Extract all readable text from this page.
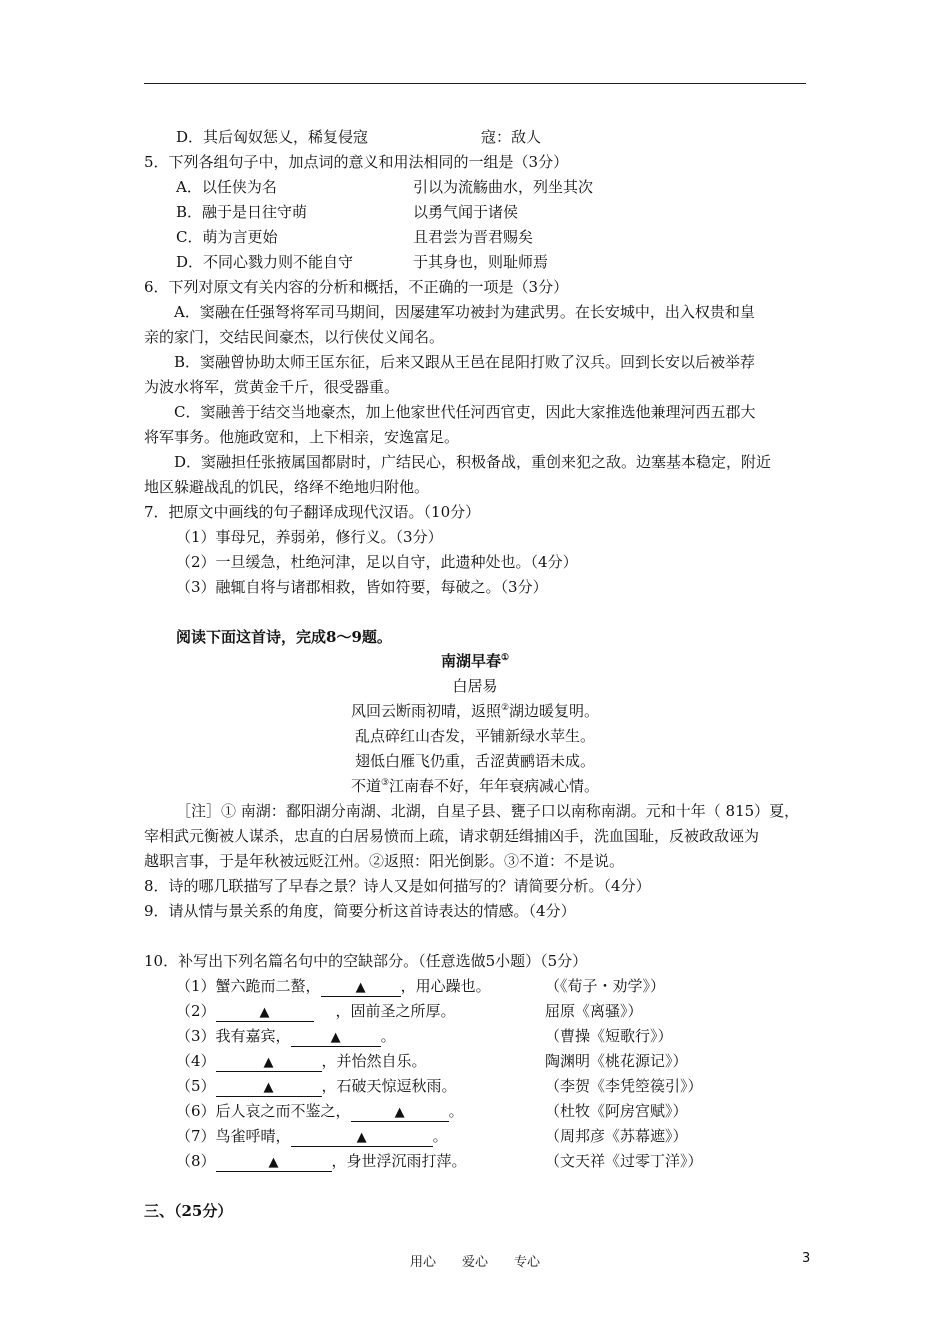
D．其后匈奴惩乂，稀复侵寇	寇：敌人
5．下列各组句子中，加点词的意义和用法相同的一组是（3分）
A．以任侠为名	引以为流觞曲水，列坐其次
B．融于是日往守萌	以勇气闻于诸侯
C．萌为言更始	且君尝为晋君赐矣
D．不同心戮力则不能自守	于其身也，则耻师焉
6．下列对原文有关内容的分析和概括，不正确的一项是（3分）
A．窦融在任强弩将军司马期间，因屡建军功被封为建武男。在长安城中，出入权贵和皇
亲的家门，交结民间豪杰，以行侠仗义闻名。
B．窦融曾协助太师王匡东征，后来又跟从王邑在昆阳打败了汉兵。回到长安以后被举荐
为波水将军，赏黄金千斤，很受器重。
C．窦融善于结交当地豪杰，加上他家世代任河西官吏，因此大家推选他兼理河西五郡大
将军事务。他施政宽和，上下相亲，安逸富足。
D．窦融担任张掖属国都尉时，广结民心，积极备战，重创来犯之敌。边塞基本稳定，附近
地区躲避战乱的饥民，络绎不绝地归附他。
7．把原文中画线的句子翻译成现代汉语。（10分）
（1）事母兄，养弱弟，修行义。（3分）
（2）一旦缓急，杜绝河津，足以自守，此遗种处也。（4分）
（3）融辄自将与诸郡相救，皆如符要，每破之。（3分）
阅读下面这首诗，完成8～9题。
南湖早春①
白居易
风回云断雨初晴，返照②湖边暖复明。
乱点碎红山杏发，平铺新绿水苹生。
翅低白雁飞仍重，舌涩黄鹂语未成。
不道③江南春不好，年年衰病减心情。
［注］① 南湖：鄱阳湖分南湖、北湖，自星子县、甕子口以南称南湖。元和十年（ 815）夏，
宰相武元衡被人谋杀，忠直的白居易愤而上疏，请求朝廷缉捕凶手，洗血国耻，反被政敌诬为
越职言事，于是年秋被远贬江州。②返照：阳光倒影。③不道：不是说。
8．诗的哪几联描写了早春之景？诗人又是如何描写的？请简要分析。（4分）
9．请从情与景关系的角度，简要分析这首诗表达的情感。（4分）
10．补写出下列名篇名句中的空缺部分。（任意选做5小题）（5分）
（1）蟹六跪而二螯，	▲ ，用心躁也。	（《荀子・劝学》）
（2）	▲	，固前圣之所厚。	屈原《离骚》）
（3）我有嘉宾，	▲	。	（曹操《短歌行》）
（4）	▲	，并怡然自乐。	陶渊明《桃花源记》）
（5）	▲	，石破天惊逗秋雨。	（李贺《李凭箜篌引》）
（6）后人哀之而不鉴之，	▲	。	（杜牧《阿房宫赋》）
（7）鸟雀呼晴，	▲	。	（周邦彦《苏幕遮》）
（8）	▲	，身世浮沉雨打萍。	（文天祥《过零丁洋》）
三、（25分）
用心　　爱心　　专心	3
